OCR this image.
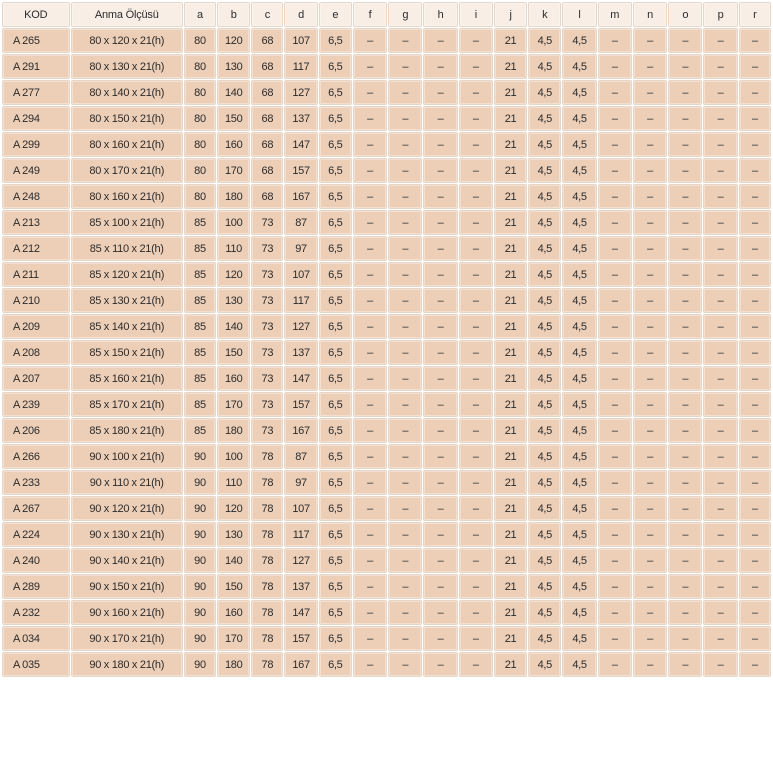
KOD	Anma Ölçüsü	a	b	c	d	e	f	g	h	i	j	k	l	m	n	o	p	r
A 265	80 x 120 x 21(h)	80	120	68	107	6,5	–	–	–	–	21	4,5	4,5	–	–	–	–	–
A 291	80 x 130 x 21(h)	80	130	68	117	6,5	–	–	–	–	21	4,5	4,5	–	–	–	–	–
A 277	80 x 140 x 21(h)	80	140	68	127	6,5	–	–	–	–	21	4,5	4,5	–	–	–	–	–
A 294	80 x 150 x 21(h)	80	150	68	137	6,5	–	–	–	–	21	4,5	4,5	–	–	–	–	–
A 299	80 x 160 x 21(h)	80	160	68	147	6,5	–	–	–	–	21	4,5	4,5	–	–	–	–	–
A 249	80 x 170 x 21(h)	80	170	68	157	6,5	–	–	–	–	21	4,5	4,5	–	–	–	–	–
A 248	80 x 160 x 21(h)	80	180	68	167	6,5	–	–	–	–	21	4,5	4,5	–	–	–	–	–
A 213	85 x 100 x 21(h)	85	100	73	87	6,5	–	–	–	–	21	4,5	4,5	–	–	–	–	–
A 212	85 x 110 x 21(h)	85	110	73	97	6,5	–	–	–	–	21	4,5	4,5	–	–	–	–	–
A 211	85 x 120 x 21(h)	85	120	73	107	6,5	–	–	–	–	21	4,5	4,5	–	–	–	–	–
A 210	85 x 130 x 21(h)	85	130	73	117	6,5	–	–	–	–	21	4,5	4,5	–	–	–	–	–
A 209	85 x 140 x 21(h)	85	140	73	127	6,5	–	–	–	–	21	4,5	4,5	–	–	–	–	–
A 208	85 x 150 x 21(h)	85	150	73	137	6,5	–	–	–	–	21	4,5	4,5	–	–	–	–	–
A 207	85 x 160 x 21(h)	85	160	73	147	6,5	–	–	–	–	21	4,5	4,5	–	–	–	–	–
A 239	85 x 170 x 21(h)	85	170	73	157	6,5	–	–	–	–	21	4,5	4,5	–	–	–	–	–
A 206	85 x 180 x 21(h)	85	180	73	167	6,5	–	–	–	–	21	4,5	4,5	–	–	–	–	–
A 266	90 x 100 x 21(h)	90	100	78	87	6,5	–	–	–	–	21	4,5	4,5	–	–	–	–	–
A 233	90 x 110 x 21(h)	90	110	78	97	6,5	–	–	–	–	21	4,5	4,5	–	–	–	–	–
A 267	90 x 120 x 21(h)	90	120	78	107	6,5	–	–	–	–	21	4,5	4,5	–	–	–	–	–
A 224	90 x 130 x 21(h)	90	130	78	117	6,5	–	–	–	–	21	4,5	4,5	–	–	–	–	–
A 240	90 x 140 x 21(h)	90	140	78	127	6,5	–	–	–	–	21	4,5	4,5	–	–	–	–	–
A 289	90 x 150 x 21(h)	90	150	78	137	6,5	–	–	–	–	21	4,5	4,5	–	–	–	–	–
A 232	90 x 160 x 21(h)	90	160	78	147	6,5	–	–	–	–	21	4,5	4,5	–	–	–	–	–
A 034	90 x 170 x 21(h)	90	170	78	157	6,5	–	–	–	–	21	4,5	4,5	–	–	–	–	–
A 035	90 x 180 x 21(h)	90	180	78	167	6,5	–	–	–	–	21	4,5	4,5	–	–	–	–	–
